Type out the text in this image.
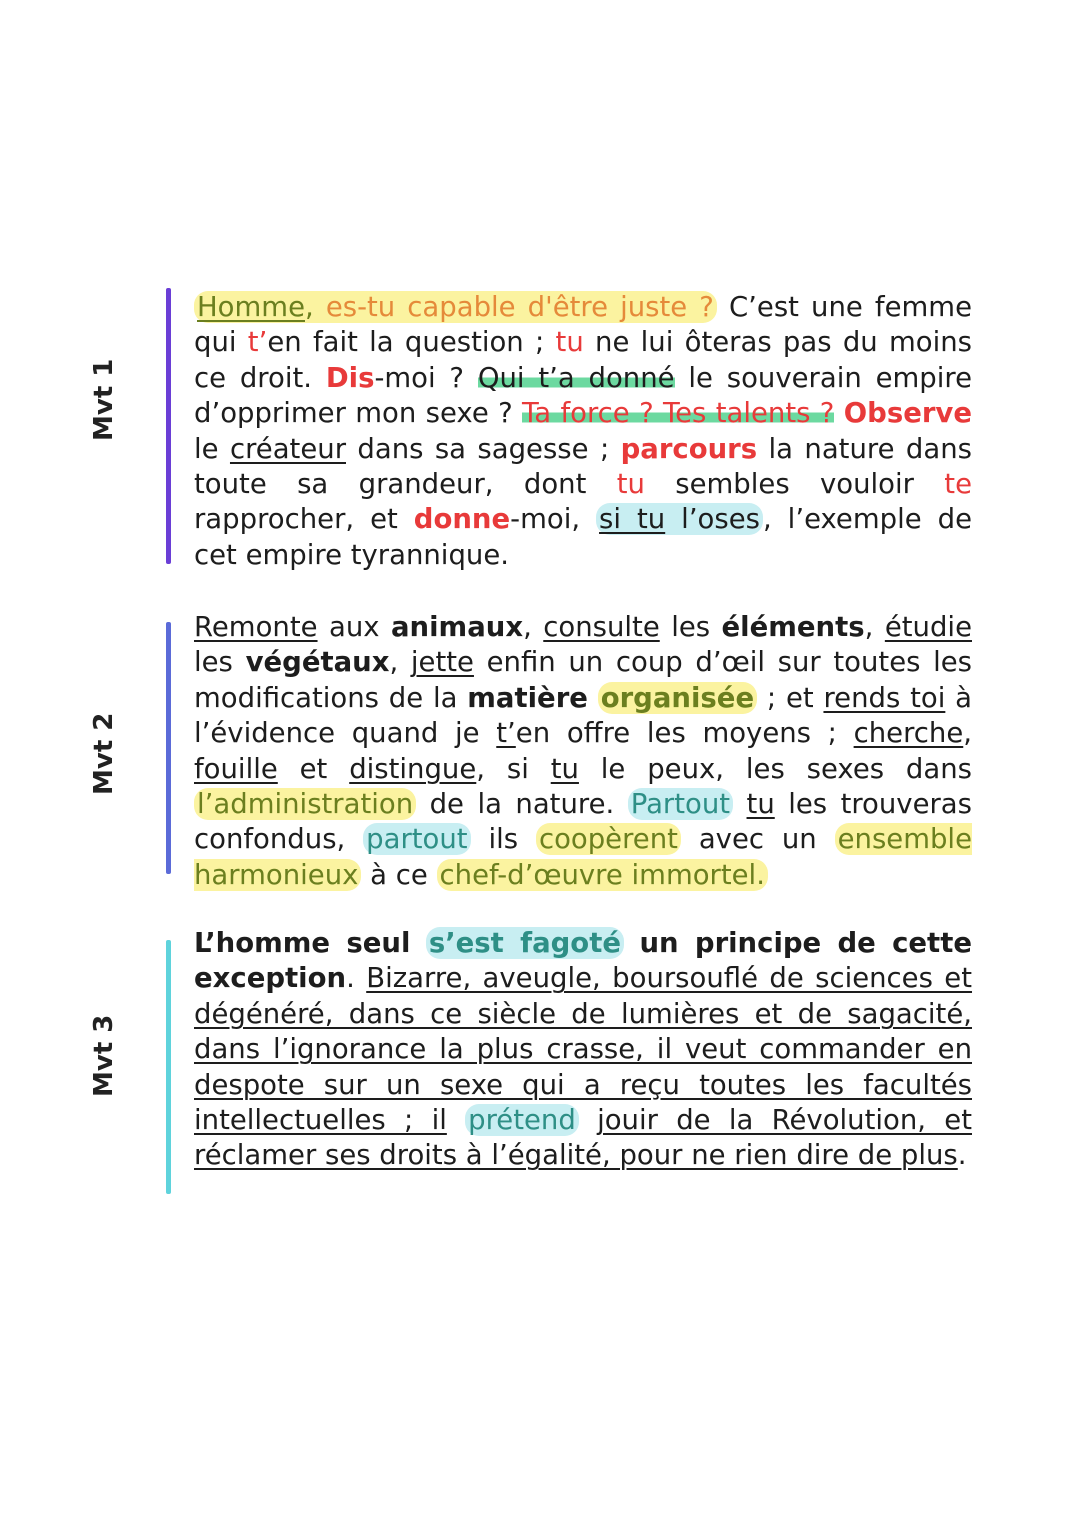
Mvt 1

Homme, es-tu capable d'être juste ? C’est une femme qui t’en fait la question ; tu ne lui ôteras pas du moins ce droit. Dis-moi ? Qui t’a donné le souverain empire d’opprimer mon sexe ? Ta force ? Tes talents ? Observe le créateur dans sa sagesse ; parcours la nature dans toute sa grandeur, dont tu sembles vouloir te rapprocher, et donne-moi, si tu l’oses , l’exemple de cet empire tyrannique.

Mvt 2

Remonte aux animaux, consulte les éléments, étudie les végétaux, jette enfin un coup d’œil sur toutes les modifications de la matière organisée ; et rends toi à l’évidence quand je t’en offre les moyens ; cherche, fouille et distingue, si tu le peux, les sexes dans l’administration de la nature. Partout tu les trouveras confondus, partout ils coopèrent avec un ensemble harmonieux à ce chef-d’œuvre immortel.

Mvt 3

L’homme seul s’est fagoté un principe de cette exception. Bizarre, aveugle, boursouflé de sciences et dégénéré, dans ce siècle de lumières et de sagacité, dans l’ignorance la plus crasse, il veut commander en despote sur un sexe qui a reçu toutes les facultés intellectuelles ; il prétend jouir de la Révolution, et réclamer ses droits à l’égalité, pour ne rien dire de plus.
